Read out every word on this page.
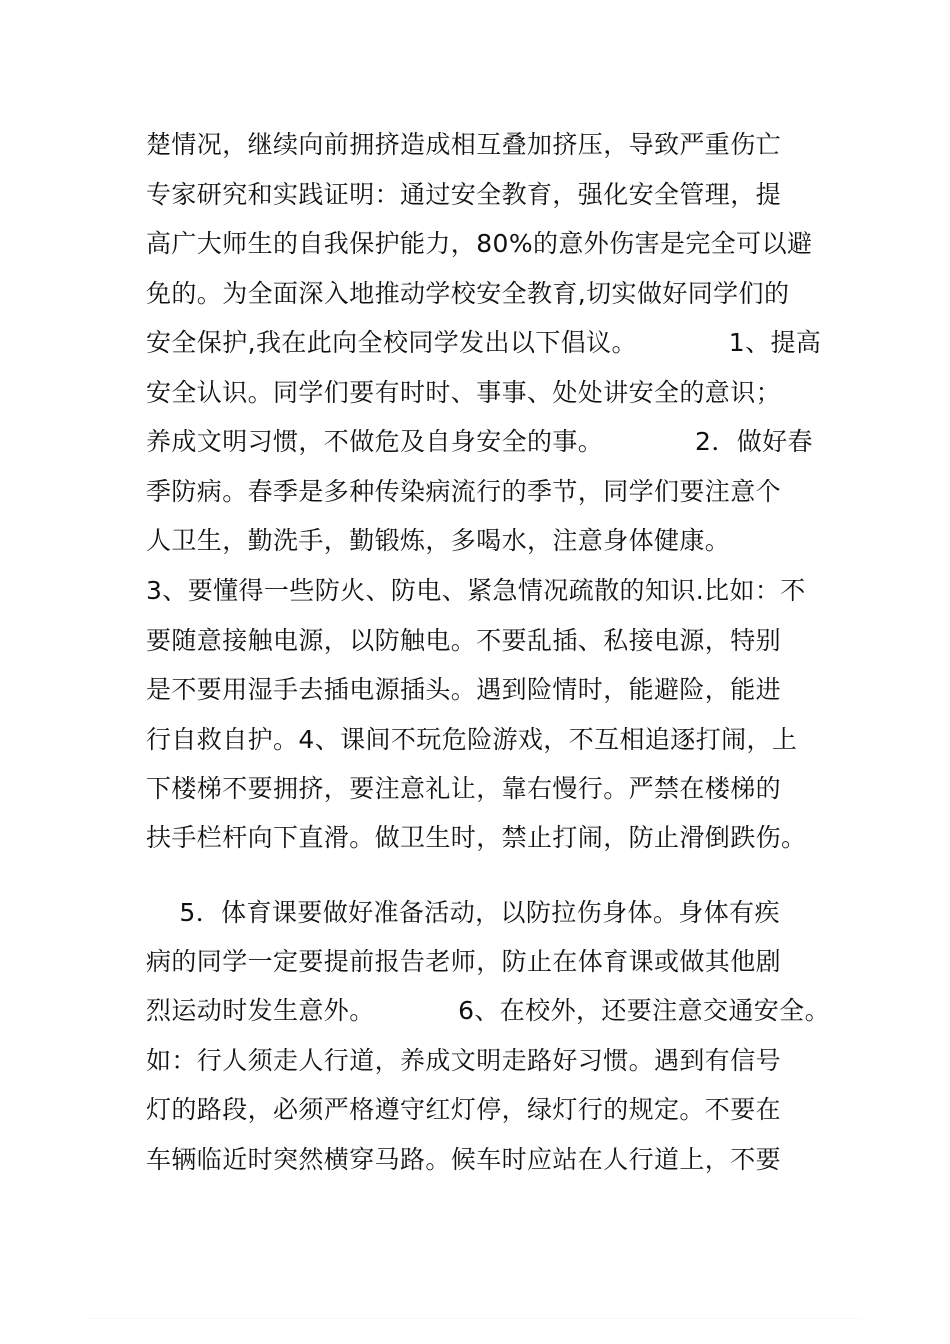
楚情况，继续向前拥挤造成相互叠加挤压，导致严重伤亡
专家研究和实践证明：通过安全教育，强化安全管理，提
高广大师生的自我保护能力，80%的意外伤害是完全可以避
免的。为全面深入地推动学校安全教育,切实做好同学们的
安全保护,我在此向全校同学发出以下倡议。           1、提高
安全认识。同学们要有时时、事事、处处讲安全的意识；
养成文明习惯，不做危及自身安全的事。           2．做好春
季防病。春季是多种传染病流行的季节，同学们要注意个
人卫生，勤洗手，勤锻炼，多喝水，注意身体健康。
3、要懂得一些防火、防电、紧急情况疏散的知识.比如：不
要随意接触电源，以防触电。不要乱插、私接电源，特别
是不要用湿手去插电源插头。遇到险情时，能避险，能进
行自救自护。4、课间不玩危险游戏，不互相追逐打闹，上
下楼梯不要拥挤，要注意礼让，靠右慢行。严禁在楼梯的
扶手栏杆向下直滑。做卫生时，禁止打闹，防止滑倒跌伤。
5．体育课要做好准备活动，以防拉伤身体。身体有疾
病的同学一定要提前报告老师，防止在体育课或做其他剧
烈运动时发生意外。          6、在校外，还要注意交通安全。
如：行人须走人行道，养成文明走路好习惯。遇到有信号
灯的路段，必须严格遵守红灯停，绿灯行的规定。不要在
车辆临近时突然横穿马路。候车时应站在人行道上，不要
